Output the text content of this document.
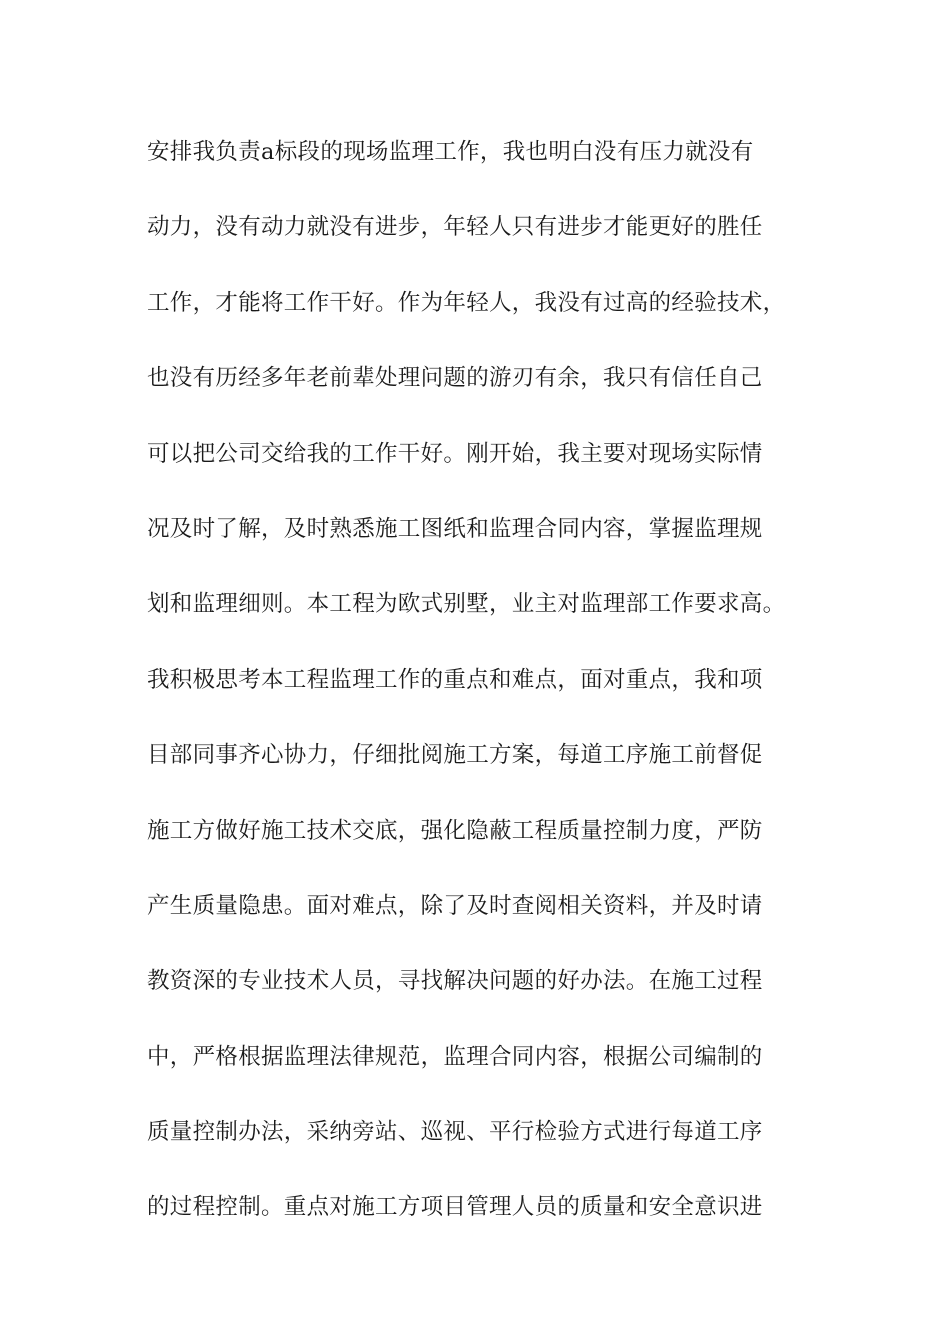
安排我负责a标段的现场监理工作，我也明白没有压力就没有
动力，没有动力就没有进步，年轻人只有进步才能更好的胜任
工作，才能将工作干好。作为年轻人，我没有过高的经验技术，
也没有历经多年老前辈处理问题的游刃有余，我只有信任自己
可以把公司交给我的工作干好。刚开始，我主要对现场实际情
况及时了解，及时熟悉施工图纸和监理合同内容，掌握监理规
划和监理细则。本工程为欧式别墅，业主对监理部工作要求高。
我积极思考本工程监理工作的重点和难点，面对重点，我和项
目部同事齐心协力，仔细批阅施工方案，每道工序施工前督促
施工方做好施工技术交底，强化隐蔽工程质量控制力度，严防
产生质量隐患。面对难点，除了及时查阅相关资料，并及时请
教资深的专业技术人员，寻找解决问题的好办法。在施工过程
中，严格根据监理法律规范，监理合同内容，根据公司编制的
质量控制办法，采纳旁站、巡视、平行检验方式进行每道工序
的过程控制。重点对施工方项目管理人员的质量和安全意识进
